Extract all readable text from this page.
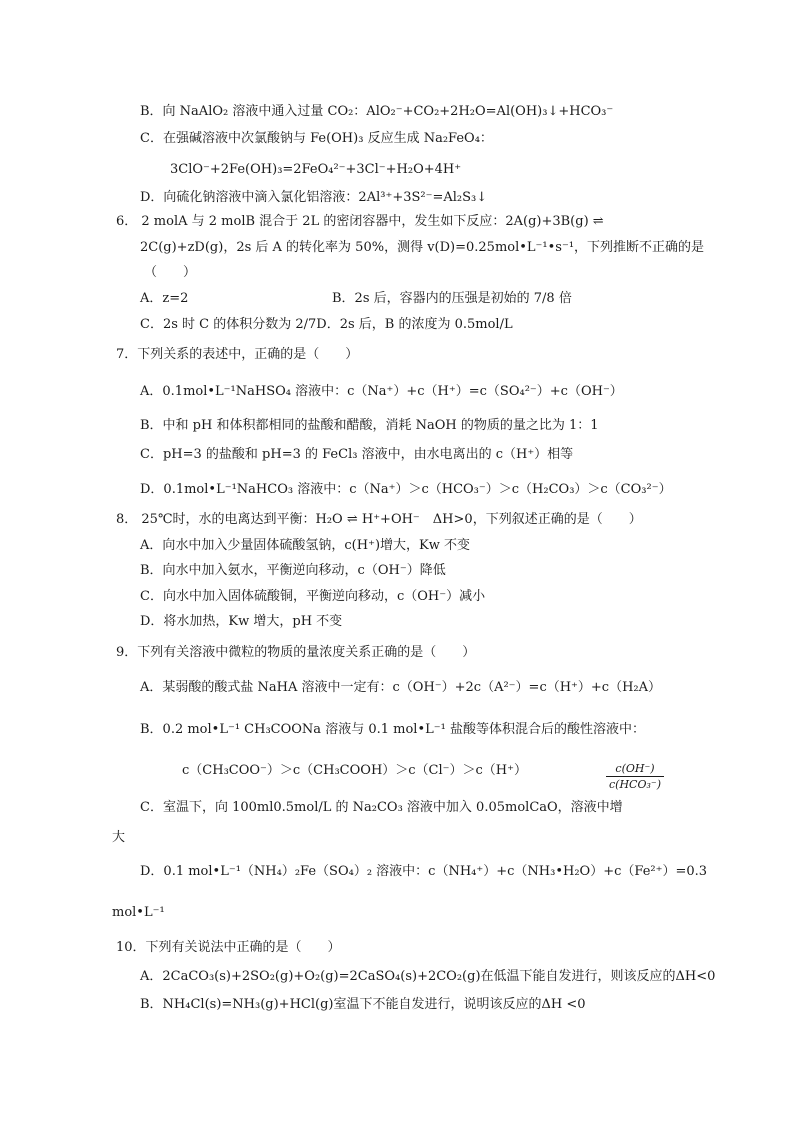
B．向 NaAlO₂ 溶液中通入过量 CO₂：AlO₂⁻+CO₂+2H₂O=Al(OH)₃↓+HCO₃⁻
C．在强碱溶液中次氯酸钠与 Fe(OH)₃ 反应生成 Na₂FeO₄：
3ClO⁻+2Fe(OH)₃=2FeO₄²⁻+3Cl⁻+H₂O+4H⁺
D．向硫化钠溶液中滴入氯化铝溶液：2Al³⁺+3S²⁻=Al₂S₃↓
6． 2 molA 与 2 molB 混合于 2L 的密闭容器中，发生如下反应：2A(g)+3B(g) ⇌
2C(g)+zD(g)，2s 后 A 的转化率为 50%，测得 v(D)=0.25mol•L⁻¹•s⁻¹，下列推断不正确的是
（　　）
A．z=2	B．2s 后，容器内的压强是初始的 7/8 倍
C．2s 时 C 的体积分数为 2/7D．2s 后，B 的浓度为 0.5mol/L
7．下列关系的表述中，正确的是（　　）
A．0.1mol•L⁻¹NaHSO₄ 溶液中：c（Na⁺）+c（H⁺）=c（SO₄²⁻）+c（OH⁻）
B．中和 pH 和体积都相同的盐酸和醋酸，消耗 NaOH 的物质的量之比为 1：1
C．pH=3 的盐酸和 pH=3 的 FeCl₃ 溶液中，由水电离出的 c（H⁺）相等
D．0.1mol•L⁻¹NaHCO₃ 溶液中：c（Na⁺）＞c（HCO₃⁻）＞c（H₂CO₃）＞c（CO₃²⁻）
8． 25℃时，水的电离达到平衡：H₂O ⇌ H⁺+OH⁻　ΔH>0，下列叙述正确的是（　　）
A．向水中加入少量固体硫酸氢钠，c(H⁺)增大，Kw 不变
B．向水中加入氨水，平衡逆向移动，c（OH⁻）降低
C．向水中加入固体硫酸铜，平衡逆向移动，c（OH⁻）减小
D．将水加热，Kw 增大，pH 不变
9．下列有关溶液中微粒的物质的量浓度关系正确的是（　　）
A．某弱酸的酸式盐 NaHA 溶液中一定有：c（OH⁻）+2c（A²⁻）=c（H⁺）+c（H₂A）
B．0.2 mol•L⁻¹ CH₃COONa 溶液与 0.1 mol•L⁻¹ 盐酸等体积混合后的酸性溶液中：
c（CH₃COO⁻）＞c（CH₃COOH）＞c（Cl⁻）＞c（H⁺）	c(OH⁻)
c(HCO₃⁻)
C．室温下，向 100ml0.5mol/L 的 Na₂CO₃ 溶液中加入 0.05molCaO，溶液中增
大
D．0.1 mol•L⁻¹（NH₄）₂Fe（SO₄）₂ 溶液中：c（NH₄⁺）+c（NH₃•H₂O）+c（Fe²⁺）=0.3
mol•L⁻¹
10．下列有关说法中正确的是（　　）
A．2CaCO₃(s)+2SO₂(g)+O₂(g)=2CaSO₄(s)+2CO₂(g)在低温下能自发进行，则该反应的ΔH<0
B．NH₄Cl(s)=NH₃(g)+HCl(g)室温下不能自发进行，说明该反应的ΔH <0
